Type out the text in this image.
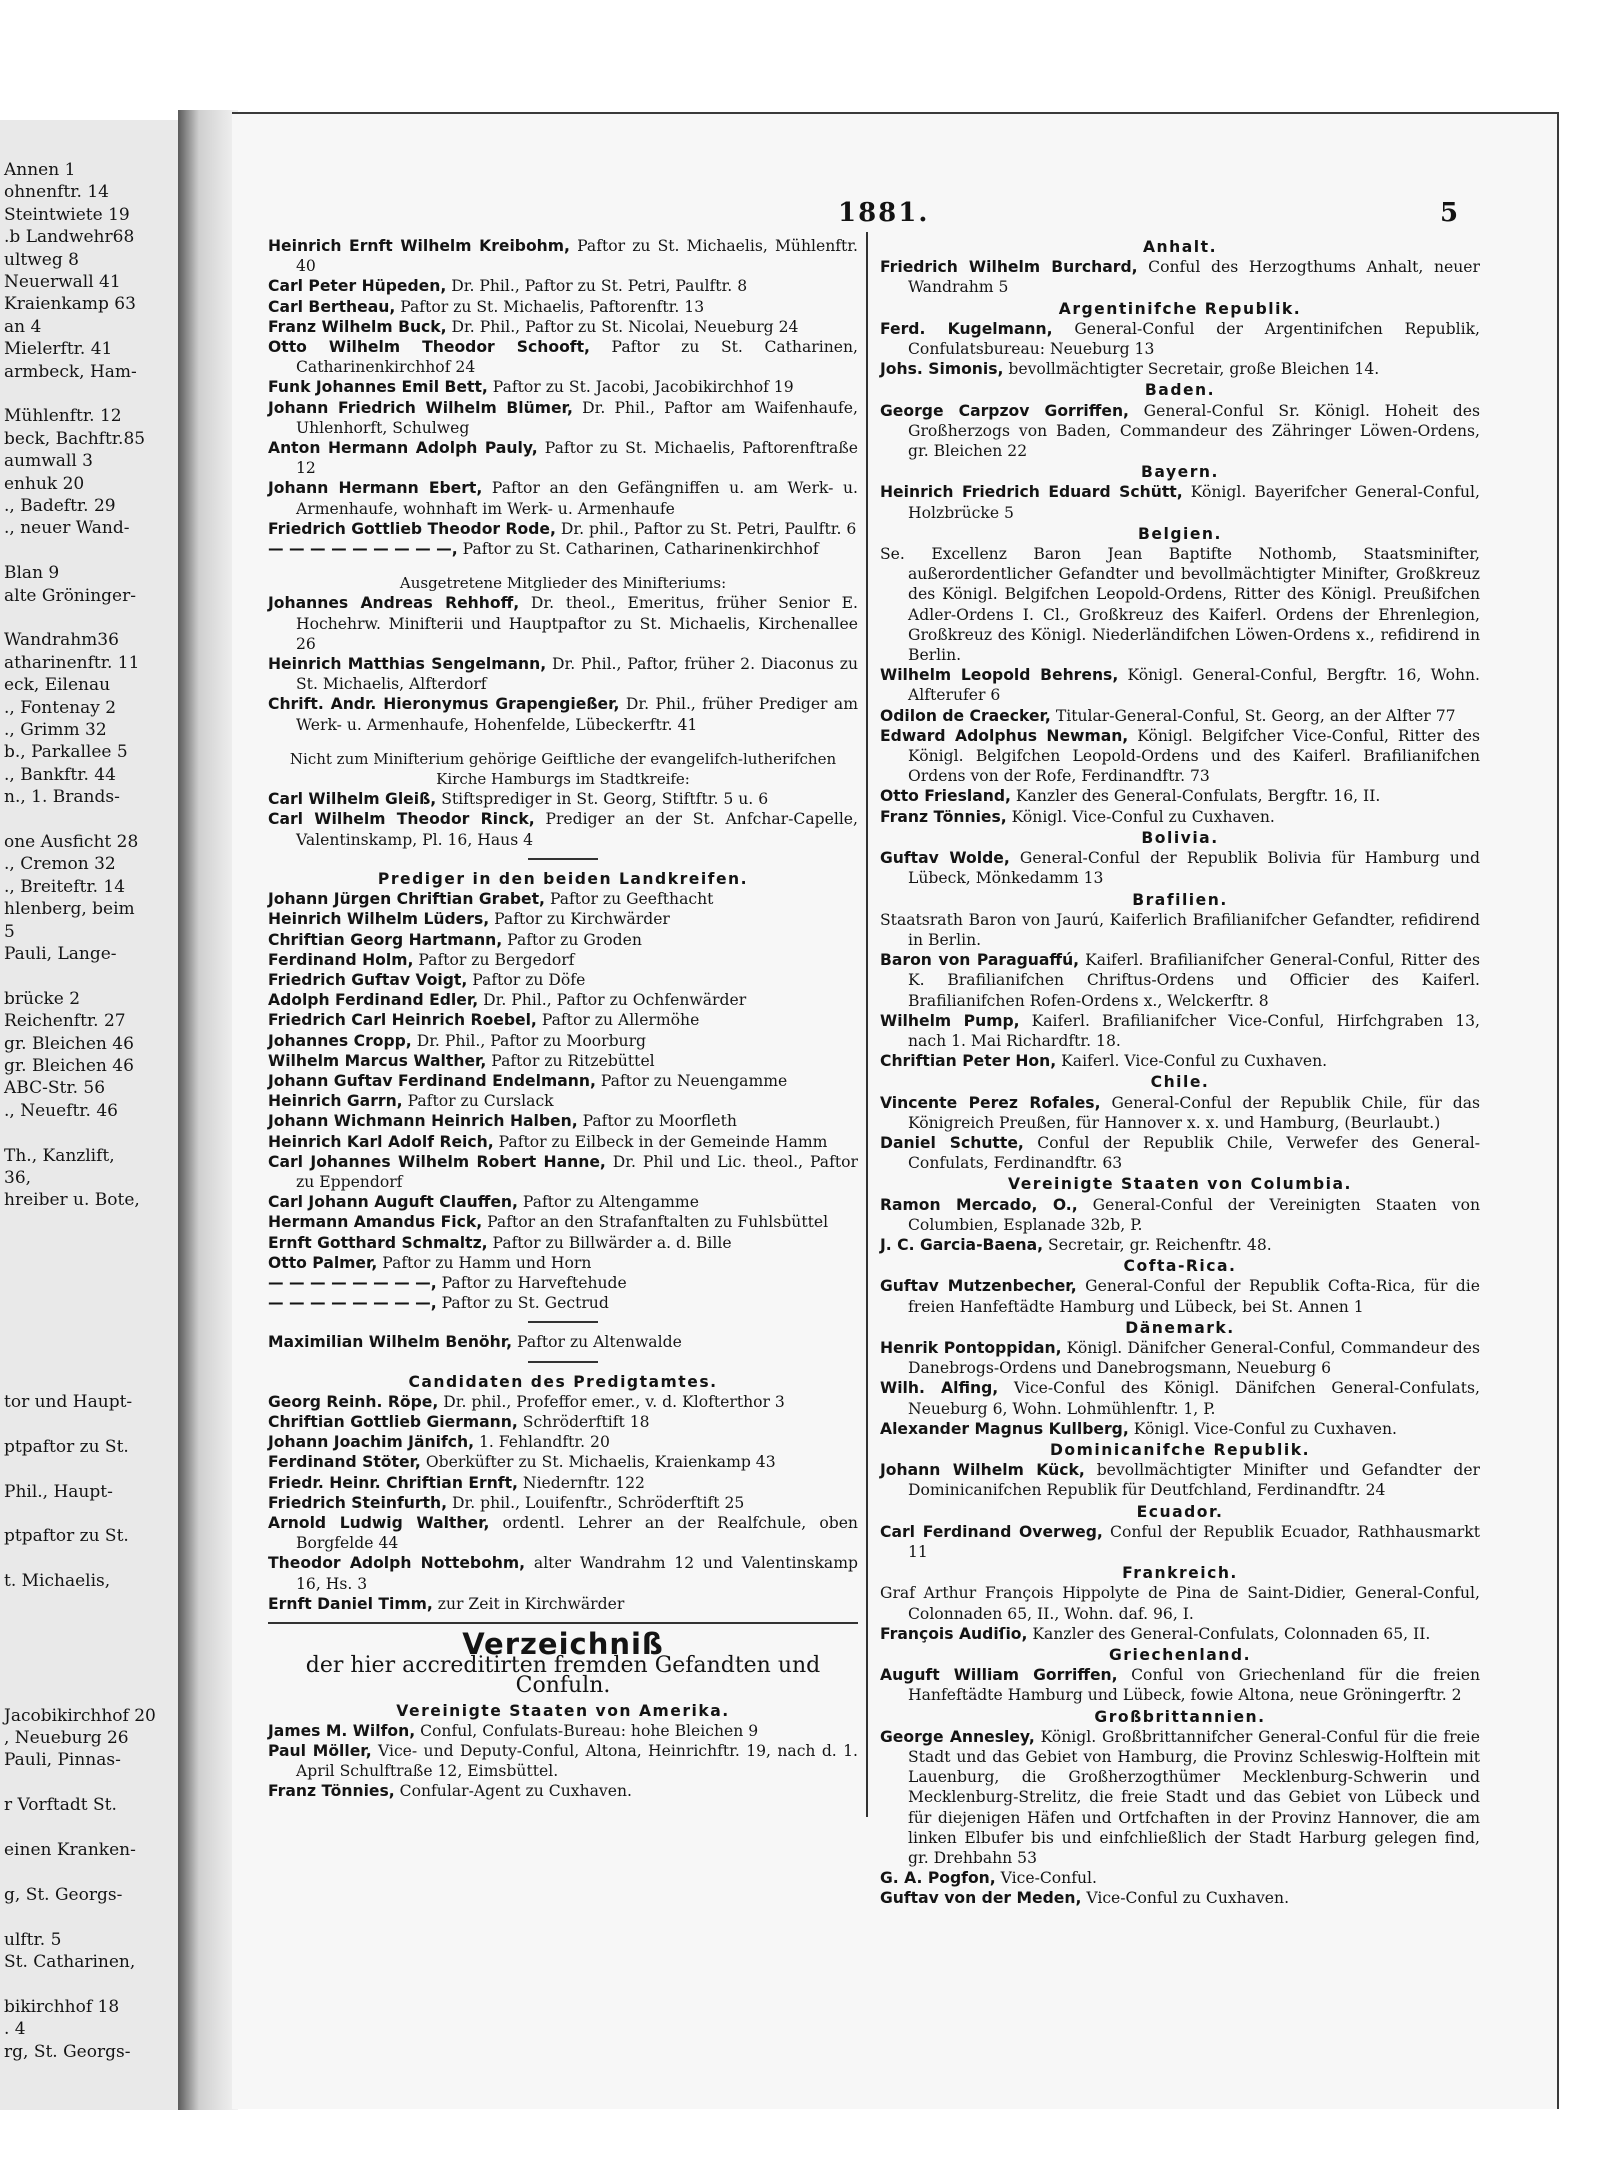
Annen 1
ohnenftr. 14
Steintwiete 19
.b Landwehr68
ultweg 8
Neuerwall 41
Kraienkamp 63
an 4
Mielerftr. 41
armbeck, Ham-
Mühlenftr. 12
beck, Bachftr.85
aumwall 3
enhuk 20
., Badeftr. 29
., neuer Wand-
Blan 9
alte Gröninger-
Wandrahm36
atharinenftr. 11
eck, Eilenau
., Fontenay 2
., Grimm 32
b., Parkallee 5
., Bankftr. 44
n., 1. Brands-
one Ausficht 28
., Cremon 32
., Breiteftr. 14
hlenberg, beim
5
Pauli, Lange-
brücke 2
Reichenftr. 27
gr. Bleichen 46
gr. Bleichen 46
ABC-Str. 56
., Neueftr. 46
Th., Kanzlift,
36,
hreiber u. Bote,
tor und Haupt-
ptpaftor zu St.
Phil., Haupt-
ptpaftor zu St.
t. Michaelis,
Jacobikirchhof 20
, Neueburg 26
Pauli, Pinnas-
r Vorftadt St.
einen Kranken-
g, St. Georgs-
ulftr. 5
St. Catharinen,
bikirchhof 18
. 4
rg, St. Georgs-
1881.	5

Heinrich Ernft Wilhelm Kreibohm, Paftor zu St. Michaelis, Mühlenftr. 40

Carl Peter Hüpeden, Dr. Phil., Paftor zu St. Petri, Paulftr. 8

Carl Bertheau, Paftor zu St. Michaelis, Paftorenftr. 13

Franz Wilhelm Buck, Dr. Phil., Paftor zu St. Nicolai, Neueburg 24

Otto Wilhelm Theodor Schooft, Paftor zu St. Catharinen, Catharinenkirchhof 24

Funk Johannes Emil Bett, Paftor zu St. Jacobi, Jacobikirchhof 19

Johann Friedrich Wilhelm Blümer, Dr. Phil., Paftor am Waifenhaufe, Uhlenhorft, Schulweg

Anton Hermann Adolph Pauly, Paftor zu St. Michaelis, Paftorenftraße 12

Johann Hermann Ebert, Paftor an den Gefängniffen u. am Werk- u. Armenhaufe, wohnhaft im Werk- u. Armenhaufe

Friedrich Gottlieb Theodor Rode, Dr. phil., Paftor zu St. Petri, Paulftr. 6

— — — — — — — — —, Paftor zu St. Catharinen, Catharinenkirchhof

Ausgetretene Mitglieder des Minifteriums:

Johannes Andreas Rehhoff, Dr. theol., Emeritus, früher Senior E. Hochehrw. Minifterii und Hauptpaftor zu St. Michaelis, Kirchenallee 26

Heinrich Matthias Sengelmann, Dr. Phil., Paftor, früher 2. Diaconus zu St. Michaelis, Alfterdorf

Chrift. Andr. Hieronymus Grapengießer, Dr. Phil., früher Prediger am Werk- u. Armenhaufe, Hohenfelde, Lübeckerftr. 41

Nicht zum Minifterium gehörige Geiftliche der evangelifch-lutherifchen Kirche Hamburgs im Stadtkreife:

Carl Wilhelm Gleiß, Stiftsprediger in St. Georg, Stiftftr. 5 u. 6

Carl Wilhelm Theodor Rinck, Prediger an der St. Anfchar-Capelle, Valentinskamp, Pl. 16, Haus 4

Prediger in den beiden Landkreifen.

Johann Jürgen Chriftian Grabet, Paftor zu Geefthacht

Heinrich Wilhelm Lüders, Paftor zu Kirchwärder

Chriftian Georg Hartmann, Paftor zu Groden

Ferdinand Holm, Paftor zu Bergedorf

Friedrich Guftav Voigt, Paftor zu Döfe

Adolph Ferdinand Edler, Dr. Phil., Paftor zu Ochfenwärder

Friedrich Carl Heinrich Roebel, Paftor zu Allermöhe

Johannes Cropp, Dr. Phil., Paftor zu Moorburg

Wilhelm Marcus Walther, Paftor zu Ritzebüttel

Johann Guftav Ferdinand Endelmann, Paftor zu Neuengamme

Heinrich Garrn, Paftor zu Curslack

Johann Wichmann Heinrich Halben, Paftor zu Moorfleth

Heinrich Karl Adolf Reich, Paftor zu Eilbeck in der Gemeinde Hamm

Carl Johannes Wilhelm Robert Hanne, Dr. Phil und Lic. theol., Paftor zu Eppendorf

Carl Johann Auguft Clauffen, Paftor zu Altengamme

Hermann Amandus Fick, Paftor an den Strafanftalten zu Fuhlsbüttel

Ernft Gotthard Schmaltz, Paftor zu Billwärder a. d. Bille

Otto Palmer, Paftor zu Hamm und Horn

— — — — — — — —, Paftor zu Harveftehude

— — — — — — — —, Paftor zu St. Gectrud

Maximilian Wilhelm Benöhr, Paftor zu Altenwalde

Candidaten des Predigtamtes.

Georg Reinh. Röpe, Dr. phil., Profeffor emer., v. d. Klofterthor 3

Chriftian Gottlieb Giermann, Schröderftift 18

Johann Joachim Jänifch, 1. Fehlandftr. 20

Ferdinand Stöter, Oberküfter zu St. Michaelis, Kraienkamp 43

Friedr. Heinr. Chriftian Ernft, Niedernftr. 122

Friedrich Steinfurth, Dr. phil., Louifenftr., Schröderftift 25

Arnold Ludwig Walther, ordentl. Lehrer an der Realfchule, oben Borgfelde 44

Theodor Adolph Nottebohm, alter Wandrahm 12 und Valentinskamp 16, Hs. 3

Ernft Daniel Timm, zur Zeit in Kirchwärder

Verzeichniß
der hier accreditirten fremden Gefandten und Confuln.
Vereinigte Staaten von Amerika.

James M. Wilfon, Conful, Confulats-Bureau: hohe Bleichen 9

Paul Möller, Vice- und Deputy-Conful, Altona, Heinrichftr. 19, nach d. 1. April Schulftraße 12, Eimsbüttel.

Franz Tönnies, Confular-Agent zu Cuxhaven.

Anhalt.

Friedrich Wilhelm Burchard, Conful des Herzogthums Anhalt, neuer Wandrahm 5

Argentinifche Republik.

Ferd. Kugelmann, General-Conful der Argentinifchen Republik, Confulatsbureau: Neueburg 13

Johs. Simonis, bevollmächtigter Secretair, große Bleichen 14.

Baden.

George Carpzov Gorriffen, General-Conful Sr. Königl. Hoheit des Großherzogs von Baden, Commandeur des Zähringer Löwen-Ordens, gr. Bleichen 22

Bayern.

Heinrich Friedrich Eduard Schütt, Königl. Bayerifcher General-Conful, Holzbrücke 5

Belgien.

Se. Excellenz Baron Jean Baptifte Nothomb, Staatsminifter, außerordentlicher Gefandter und bevollmächtigter Minifter, Großkreuz des Königl. Belgifchen Leopold-Ordens, Ritter des Königl. Preußifchen Adler-Ordens I. Cl., Großkreuz des Kaiferl. Ordens der Ehrenlegion, Großkreuz des Königl. Niederländifchen Löwen-Ordens x., refidirend in Berlin.

Wilhelm Leopold Behrens, Königl. General-Conful, Bergftr. 16, Wohn. Alfterufer 6

Odilon de Craecker, Titular-General-Conful, St. Georg, an der Alfter 77

Edward Adolphus Newman, Königl. Belgifcher Vice-Conful, Ritter des Königl. Belgifchen Leopold-Ordens und des Kaiferl. Brafilianifchen Ordens von der Rofe, Ferdinandftr. 73

Otto Friesland, Kanzler des General-Confulats, Bergftr. 16, II.

Franz Tönnies, Königl. Vice-Conful zu Cuxhaven.

Bolivia.

Guftav Wolde, General-Conful der Republik Bolivia für Hamburg und Lübeck, Mönkedamm 13

Brafilien.

Staatsrath Baron von Jaurú, Kaiferlich Brafilianifcher Gefandter, refidirend in Berlin.

Baron von Paraguaffú, Kaiferl. Brafilianifcher General-Conful, Ritter des K. Brafilianifchen Chriftus-Ordens und Officier des Kaiferl. Brafilianifchen Rofen-Ordens x., Welckerftr. 8

Wilhelm Pump, Kaiferl. Brafilianifcher Vice-Conful, Hirfchgraben 13, nach 1. Mai Richardftr. 18.

Chriftian Peter Hon, Kaiferl. Vice-Conful zu Cuxhaven.

Chile.

Vincente Perez Rofales, General-Conful der Republik Chile, für das Königreich Preußen, für Hannover x. x. und Hamburg, (Beurlaubt.)

Daniel Schutte, Conful der Republik Chile, Verwefer des General-Confulats, Ferdinandftr. 63

Vereinigte Staaten von Columbia.

Ramon Mercado, O., General-Conful der Vereinigten Staaten von Columbien, Esplanade 32b, P.

J. C. Garcia-Baena, Secretair, gr. Reichenftr. 48.

Cofta-Rica.

Guftav Mutzenbecher, General-Conful der Republik Cofta-Rica, für die freien Hanfeftädte Hamburg und Lübeck, bei St. Annen 1

Dänemark.

Henrik Pontoppidan, Königl. Dänifcher General-Conful, Commandeur des Danebrogs-Ordens und Danebrogsmann, Neueburg 6

Wilh. Alfing, Vice-Conful des Königl. Dänifchen General-Confulats, Neueburg 6, Wohn. Lohmühlenftr. 1, P.

Alexander Magnus Kullberg, Königl. Vice-Conful zu Cuxhaven.

Dominicanifche Republik.

Johann Wilhelm Kück, bevollmächtigter Minifter und Gefandter der Dominicanifchen Republik für Deutfchland, Ferdinandftr. 24

Ecuador.

Carl Ferdinand Overweg, Conful der Republik Ecuador, Rathhausmarkt 11

Frankreich.

Graf Arthur François Hippolyte de Pina de Saint-Didier, General-Conful, Colonnaden 65, II., Wohn. daf. 96, I.

François Audiſio, Kanzler des General-Confulats, Colonnaden 65, II.

Griechenland.

Auguft William Gorriffen, Conful von Griechenland für die freien Hanfeftädte Hamburg und Lübeck, fowie Altona, neue Gröningerftr. 2

Großbrittannien.

George Annesley, Königl. Großbrittannifcher General-Conful für die freie Stadt und das Gebiet von Hamburg, die Provinz Schleswig-Holftein mit Lauenburg, die Großherzogthümer Mecklenburg-Schwerin und Mecklenburg-Strelitz, die freie Stadt und das Gebiet von Lübeck und für diejenigen Häfen und Ortfchaften in der Provinz Hannover, die am linken Elbufer bis und einfchließlich der Stadt Harburg gelegen find, gr. Drehbahn 53

G. A. Pogfon, Vice-Conful.

Guftav von der Meden, Vice-Conful zu Cuxhaven.
